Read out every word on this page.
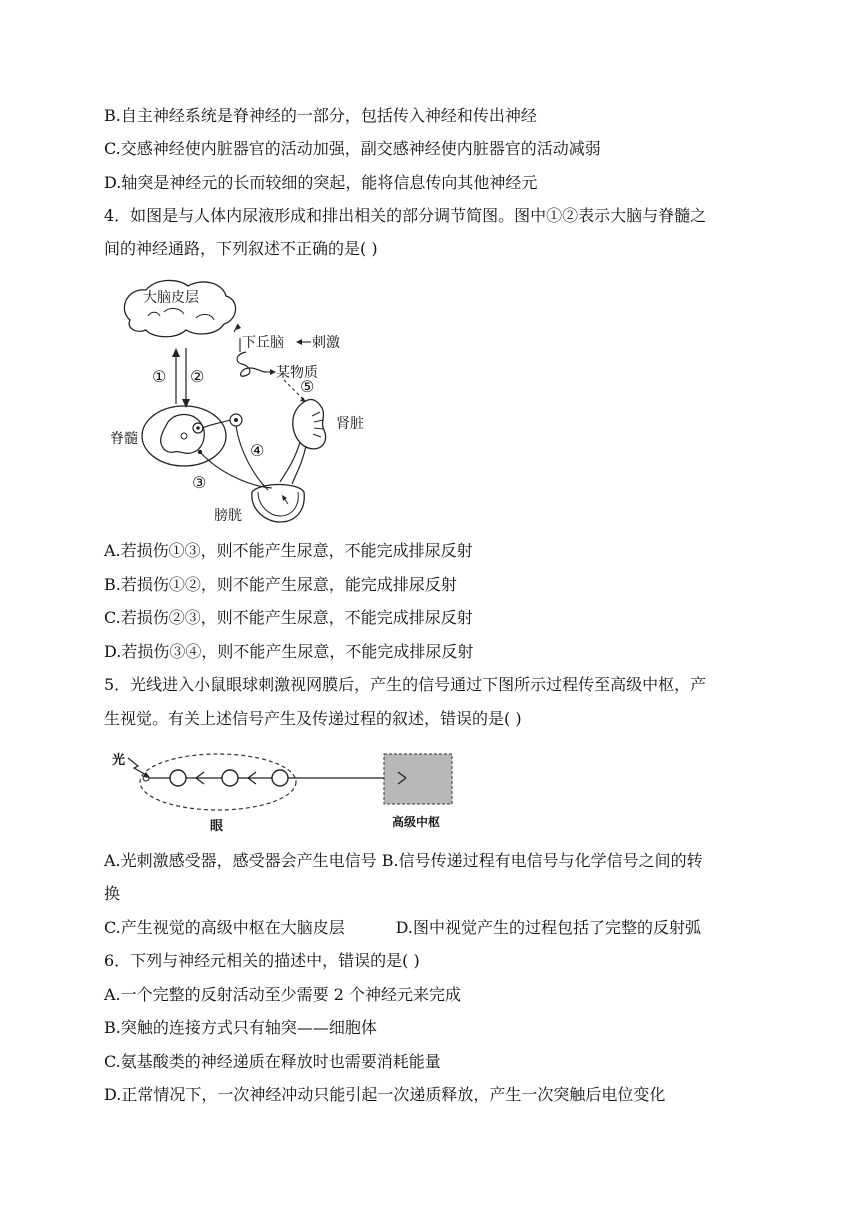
B.自主神经系统是脊神经的一部分，包括传入神经和传出神经
C.交感神经使内脏器官的活动加强，副交感神经使内脏器官的活动减弱
D.轴突是神经元的长而较细的突起，能将信息传向其他神经元
4．如图是与人体内尿液形成和排出相关的部分调节简图。图中①②表示大脑与脊髓之
间的神经通路，下列叙述不正确的是( )
大脑皮层
下丘脑 刺激
某物质
⑤
① ②
脊髓
④
③
肾脏
膀胱
A.若损伤①③，则不能产生尿意，不能完成排尿反射
B.若损伤①②，则不能产生尿意，能完成排尿反射
C.若损伤②③，则不能产生尿意，不能完成排尿反射
D.若损伤③④，则不能产生尿意，不能完成排尿反射
5．光线进入小鼠眼球刺激视网膜后，产生的信号通过下图所示过程传至高级中枢，产
生视觉。有关上述信号产生及传递过程的叙述，错误的是( )
光
眼	高级中枢
A.光刺激感受器，感受器会产生电信号 B.信号传递过程有电信号与化学信号之间的转
换
C.产生视觉的高级中枢在大脑皮层          D.图中视觉产生的过程包括了完整的反射弧
6．下列与神经元相关的描述中，错误的是( )
A.一个完整的反射活动至少需要 2 个神经元来完成
B.突触的连接方式只有轴突——细胞体
C.氨基酸类的神经递质在释放时也需要消耗能量
D.正常情况下，一次神经冲动只能引起一次递质释放，产生一次突触后电位变化
